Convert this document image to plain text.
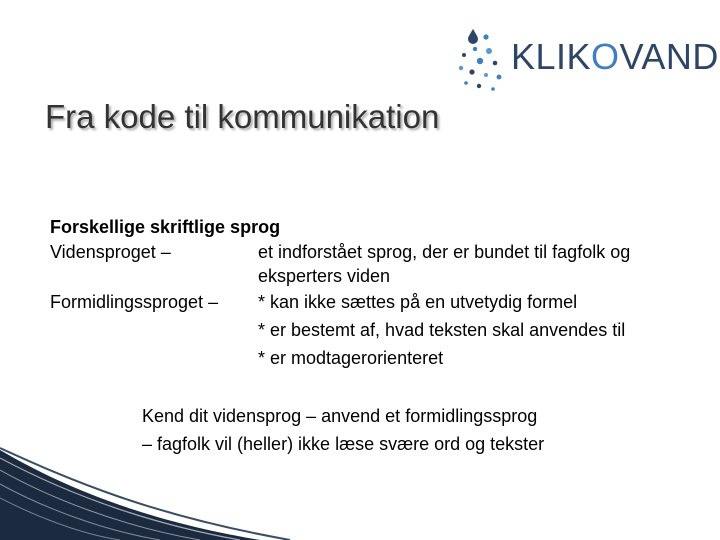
KLIKOVAND
Fra kode til kommunikation
Forskellige skriftlige sprog
Vidensproget –	et indforstået sprog, der er bundet til fagfolk og
eksperters viden
Formidlingssproget – * kan ikke sættes på en utvetydig formel
* er bestemt af, hvad teksten skal anvendes til
* er modtagerorienteret
Kend dit vidensprog – anvend et formidlingssprog
– fagfolk vil (heller) ikke læse svære ord og tekster
